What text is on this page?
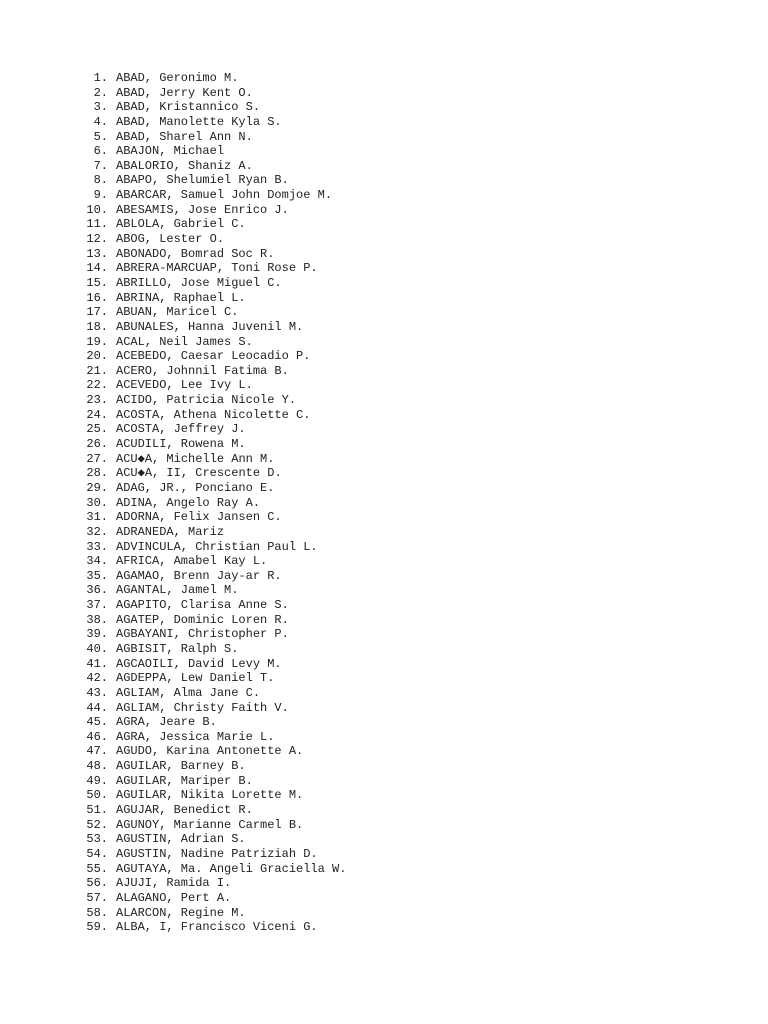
1. ABAD, Geronimo M.
2. ABAD, Jerry Kent O.
3. ABAD, Kristannico S.
4. ABAD, Manolette Kyla S.
5. ABAD, Sharel Ann N.
6. ABAJON, Michael
7. ABALORIO, Shaniz A.
8. ABAPO, Shelumiel Ryan B.
9. ABARCAR, Samuel John Domjoe M.
10. ABESAMIS, Jose Enrico J.
11. ABLOLA, Gabriel C.
12. ABOG, Lester O.
13. ABONADO, Bomrad Soc R.
14. ABRERA-MARCUAP, Toni Rose P.
15. ABRILLO, Jose Miguel C.
16. ABRINA, Raphael L.
17. ABUAN, Maricel C.
18. ABUNALES, Hanna Juvenil M.
19. ACAL, Neil James S.
20. ACEBEDO, Caesar Leocadio P.
21. ACERO, Johnnil Fatima B.
22. ACEVEDO, Lee Ivy L.
23. ACIDO, Patricia Nicole Y.
24. ACOSTA, Athena Nicolette C.
25. ACOSTA, Jeffrey J.
26. ACUDILI, Rowena M.
27. ACU◆A, Michelle Ann M.
28. ACU◆A, II, Crescente D.
29. ADAG, JR., Ponciano E.
30. ADINA, Angelo Ray A.
31. ADORNA, Felix Jansen C.
32. ADRANEDA, Mariz
33. ADVINCULA, Christian Paul L.
34. AFRICA, Amabel Kay L.
35. AGAMAO, Brenn Jay-ar R.
36. AGANTAL, Jamel M.
37. AGAPITO, Clarisa Anne S.
38. AGATEP, Dominic Loren R.
39. AGBAYANI, Christopher P.
40. AGBISIT, Ralph S.
41. AGCAOILI, David Levy M.
42. AGDEPPA, Lew Daniel T.
43. AGLIAM, Alma Jane C.
44. AGLIAM, Christy Faith V.
45. AGRA, Jeare B.
46. AGRA, Jessica Marie L.
47. AGUDO, Karina Antonette A.
48. AGUILAR, Barney B.
49. AGUILAR, Mariper B.
50. AGUILAR, Nikita Lorette M.
51. AGUJAR, Benedict R.
52. AGUNOY, Marianne Carmel B.
53. AGUSTIN, Adrian S.
54. AGUSTIN, Nadine Patriziah D.
55. AGUTAYA, Ma. Angeli Graciella W.
56. AJUJI, Ramida I.
57. ALAGANO, Pert A.
58. ALARCON, Regine M.
59. ALBA, I, Francisco Viceni G.
